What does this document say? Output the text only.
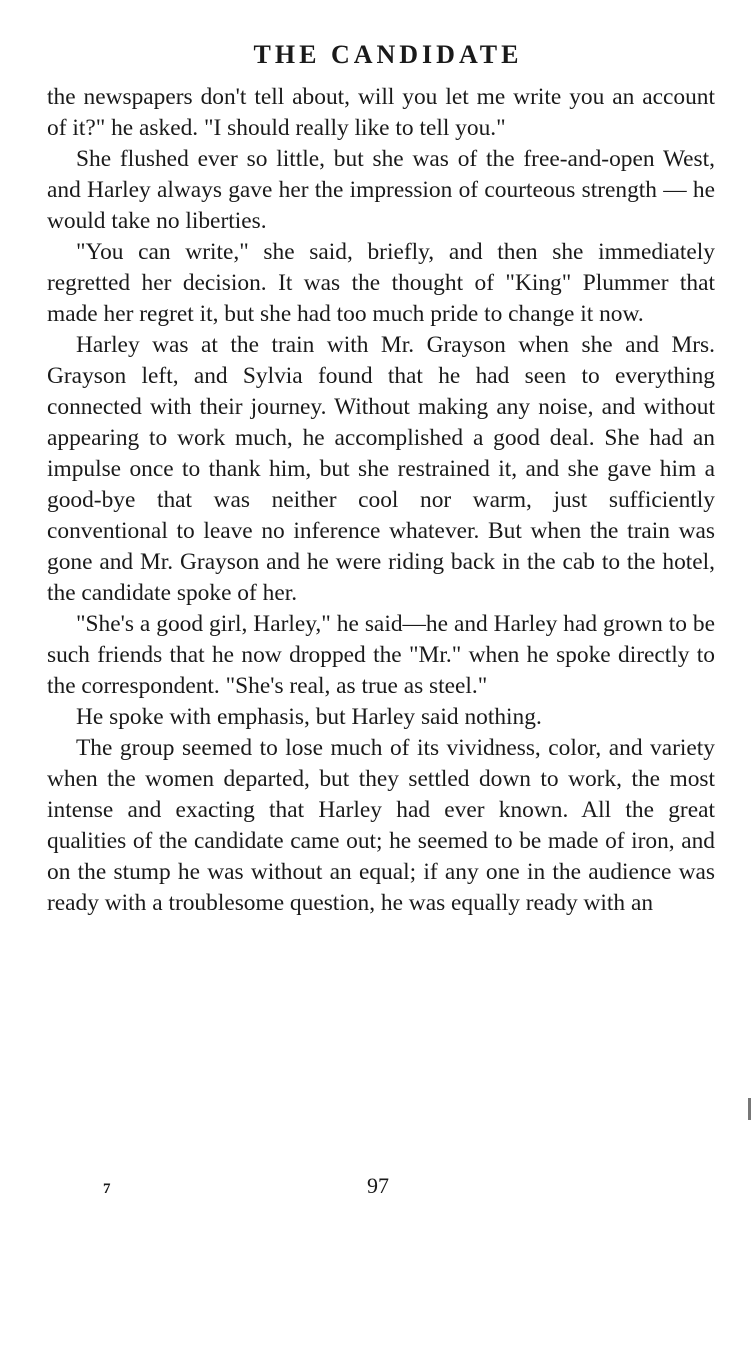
THE CANDIDATE

the newspapers don't tell about, will you let me write you an account of it?" he asked. "I should really like to tell you."

She flushed ever so little, but she was of the free-and-open West, and Harley always gave her the impression of courteous strength — he would take no liberties.

"You can write," she said, briefly, and then she immediately regretted her decision. It was the thought of "King" Plummer that made her regret it, but she had too much pride to change it now.

Harley was at the train with Mr. Grayson when she and Mrs. Grayson left, and Sylvia found that he had seen to everything connected with their journey. Without making any noise, and without appearing to work much, he accomplished a good deal. She had an impulse once to thank him, but she restrained it, and she gave him a good-bye that was neither cool nor warm, just sufficiently conventional to leave no inference whatever. But when the train was gone and Mr. Grayson and he were riding back in the cab to the hotel, the candidate spoke of her.

"She's a good girl, Harley," he said—he and Harley had grown to be such friends that he now dropped the "Mr." when he spoke directly to the correspondent. "She's real, as true as steel."

He spoke with emphasis, but Harley said nothing.

The group seemed to lose much of its vividness, color, and variety when the women departed, but they settled down to work, the most intense and exacting that Harley had ever known. All the great qualities of the candidate came out; he seemed to be made of iron, and on the stump he was without an equal; if any one in the audience was ready with a troublesome question, he was equally ready with an

7	97
